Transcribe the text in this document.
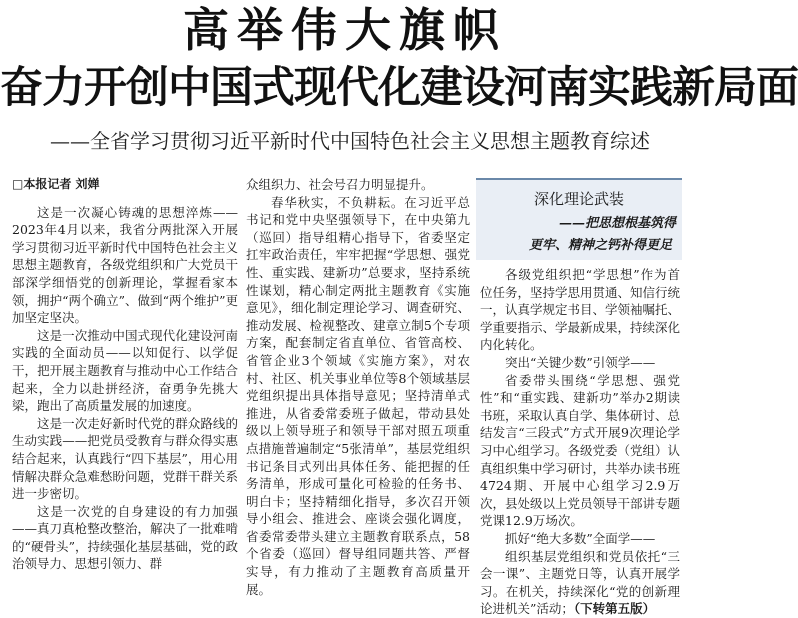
高举伟大旗帜
奋力开创中国式现代化建设河南实践新局面
——全省学习贯彻习近平新时代中国特色社会主义思想主题教育综述

□本报记者 刘婵

这是一次凝心铸魂的思想淬炼——2023年4月以来，我省分两批深入开展学习贯彻习近平新时代中国特色社会主义思想主题教育，各级党组织和广大党员干部深学细悟党的创新理论，掌握看家本领，拥护“两个确立”、做到“两个维护”更加坚定坚决。

这是一次推动中国式现代化建设河南实践的全面动员——以知促行、以学促干，把开展主题教育与推动中心工作结合起来，全力以赴拼经济，奋勇争先挑大梁，跑出了高质量发展的加速度。

这是一次走好新时代党的群众路线的生动实践——把党员受教育与群众得实惠结合起来，认真践行“四下基层”，用心用情解决群众急难愁盼问题，党群干群关系进一步密切。

这是一次党的自身建设的有力加强——真刀真枪整改整治，解决了一批难啃的“硬骨头”，持续强化基层基础，党的政治领导力、思想引领力、群

众组织力、社会号召力明显提升。

春华秋实，不负耕耘。在习近平总书记和党中央坚强领导下，在中央第九（巡回）指导组精心指导下，省委坚定扛牢政治责任，牢牢把握“学思想、强党性、重实践、建新功”总要求，坚持系统性谋划，精心制定两批主题教育《实施意见》，细化制定理论学习、调查研究、推动发展、检视整改、建章立制5个专项方案，配套制定省直单位、省管高校、省管企业3个领域《实施方案》，对农村、社区、机关事业单位等8个领域基层党组织提出具体指导意见；坚持清单式推进，从省委常委班子做起，带动县处级以上领导班子和领导干部对照五项重点措施普遍制定“5张清单”，基层党组织书记条目式列出具体任务、能把握的任务清单，形成可量化可检验的任务书、明白卡；坚持精细化指导，多次召开领导小组会、推进会、座谈会强化调度，省委常委带头建立主题教育联系点，58个省委（巡回）督导组同题共答、严督实导，有力推动了主题教育高质量开展。

深化理论武装
——把思想根基筑得
更牢、精神之钙补得更足

各级党组织把“学思想”作为首位任务，坚持学思用贯通、知信行统一，认真学规定书目、学领袖嘱托、学重要指示、学最新成果，持续深化内化转化。

突出“关键少数”引领学——

省委带头围绕“学思想、强党性”和“重实践、建新功”举办2期读书班，采取认真自学、集体研讨、总结发言“三段式”方式开展9次理论学习中心组学习。各级党委（党组）认真组织集中学习研讨，共举办读书班4724期、开展中心组学习2.9万次，县处级以上党员领导干部讲专题党课12.9万场次。

抓好“绝大多数”全面学——

组织基层党组织和党员依托“三会一课”、主题党日等，认真开展学习。在机关，持续深化“党的创新理论进机关”活动；（下转第五版）
